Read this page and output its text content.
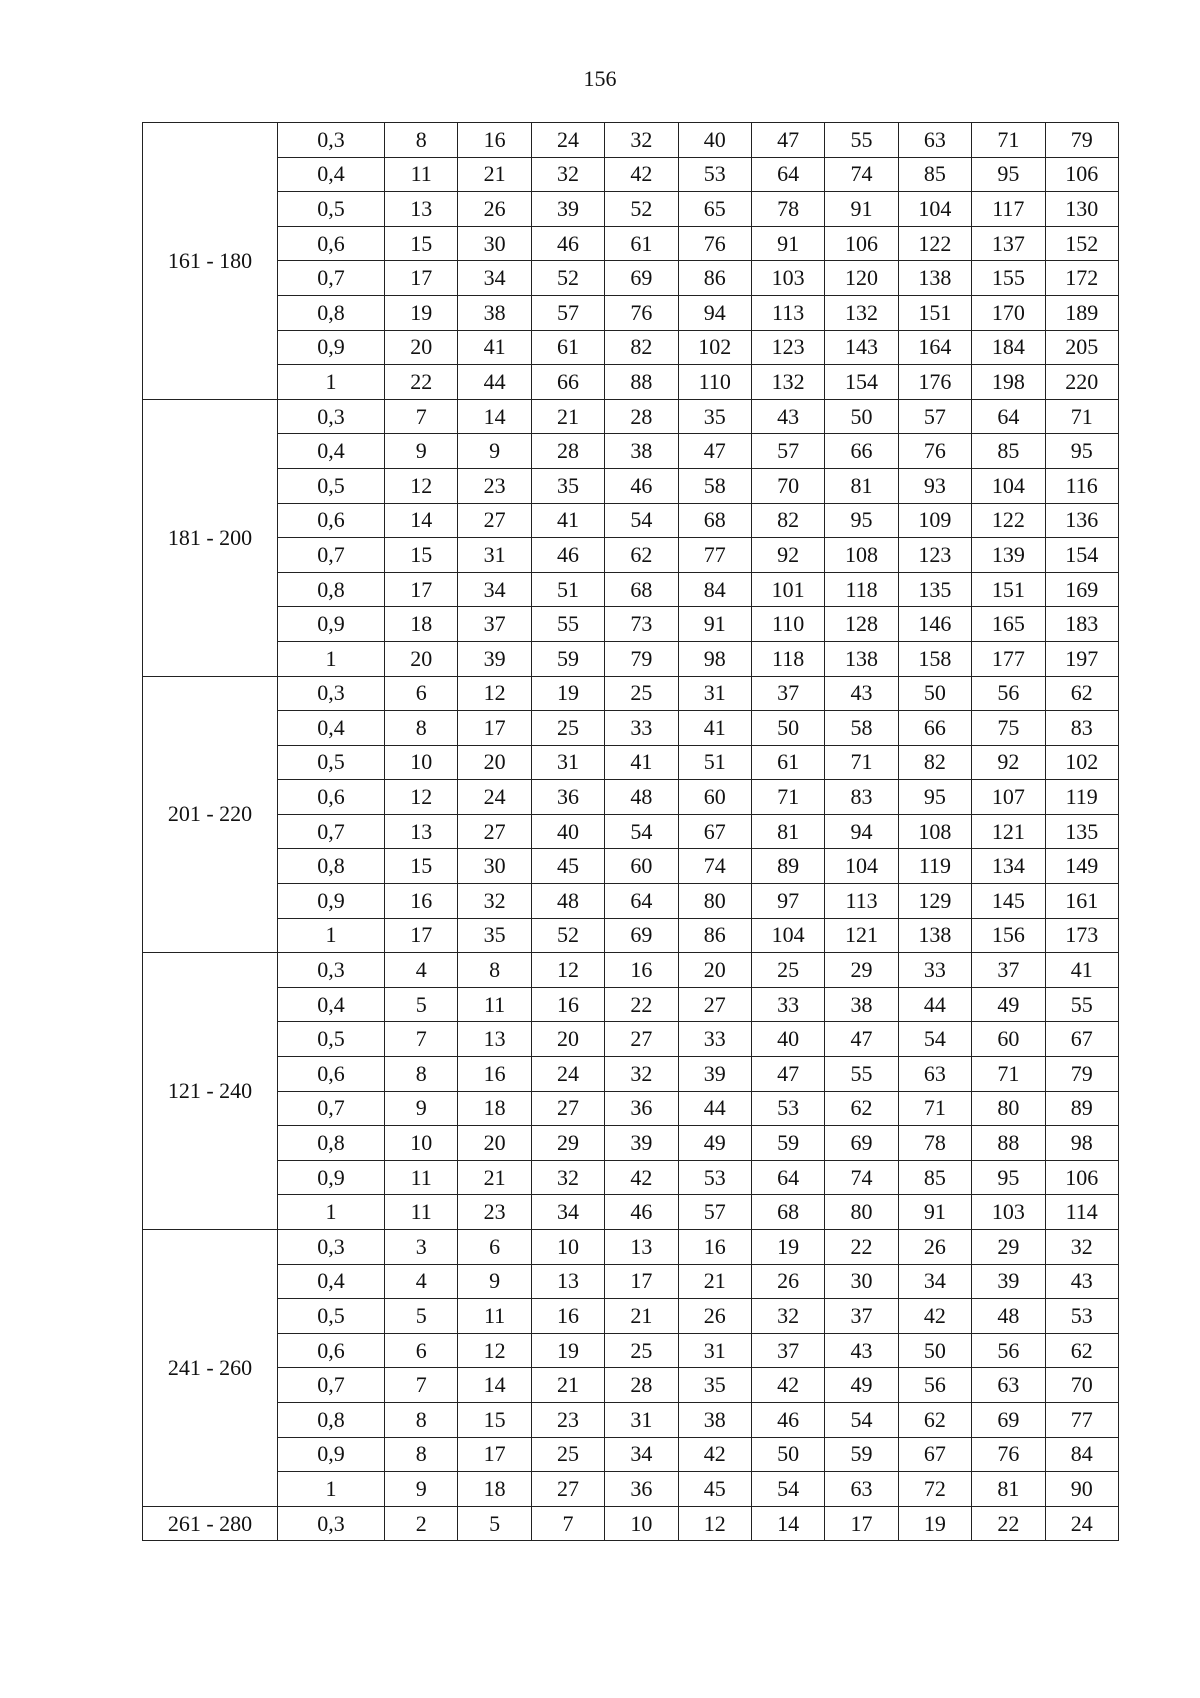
156
161 - 180	0,3	8	16	24	32	40	47	55	63	71	79
	0,4	11	21	32	42	53	64	74	85	95	106
	0,5	13	26	39	52	65	78	91	104	117	130
	0,6	15	30	46	61	76	91	106	122	137	152
	0,7	17	34	52	69	86	103	120	138	155	172
	0,8	19	38	57	76	94	113	132	151	170	189
	0,9	20	41	61	82	102	123	143	164	184	205
	1	22	44	66	88	110	132	154	176	198	220
181 - 200	0,3	7	14	21	28	35	43	50	57	64	71
	0,4	9	9	28	38	47	57	66	76	85	95
	0,5	12	23	35	46	58	70	81	93	104	116
	0,6	14	27	41	54	68	82	95	109	122	136
	0,7	15	31	46	62	77	92	108	123	139	154
	0,8	17	34	51	68	84	101	118	135	151	169
	0,9	18	37	55	73	91	110	128	146	165	183
	1	20	39	59	79	98	118	138	158	177	197
201 - 220	0,3	6	12	19	25	31	37	43	50	56	62
	0,4	8	17	25	33	41	50	58	66	75	83
	0,5	10	20	31	41	51	61	71	82	92	102
	0,6	12	24	36	48	60	71	83	95	107	119
	0,7	13	27	40	54	67	81	94	108	121	135
	0,8	15	30	45	60	74	89	104	119	134	149
	0,9	16	32	48	64	80	97	113	129	145	161
	1	17	35	52	69	86	104	121	138	156	173
121 - 240	0,3	4	8	12	16	20	25	29	33	37	41
	0,4	5	11	16	22	27	33	38	44	49	55
	0,5	7	13	20	27	33	40	47	54	60	67
	0,6	8	16	24	32	39	47	55	63	71	79
	0,7	9	18	27	36	44	53	62	71	80	89
	0,8	10	20	29	39	49	59	69	78	88	98
	0,9	11	21	32	42	53	64	74	85	95	106
	1	11	23	34	46	57	68	80	91	103	114
241 - 260	0,3	3	6	10	13	16	19	22	26	29	32
	0,4	4	9	13	17	21	26	30	34	39	43
	0,5	5	11	16	21	26	32	37	42	48	53
	0,6	6	12	19	25	31	37	43	50	56	62
	0,7	7	14	21	28	35	42	49	56	63	70
	0,8	8	15	23	31	38	46	54	62	69	77
	0,9	8	17	25	34	42	50	59	67	76	84
	1	9	18	27	36	45	54	63	72	81	90
261 - 280	0,3	2	5	7	10	12	14	17	19	22	24
